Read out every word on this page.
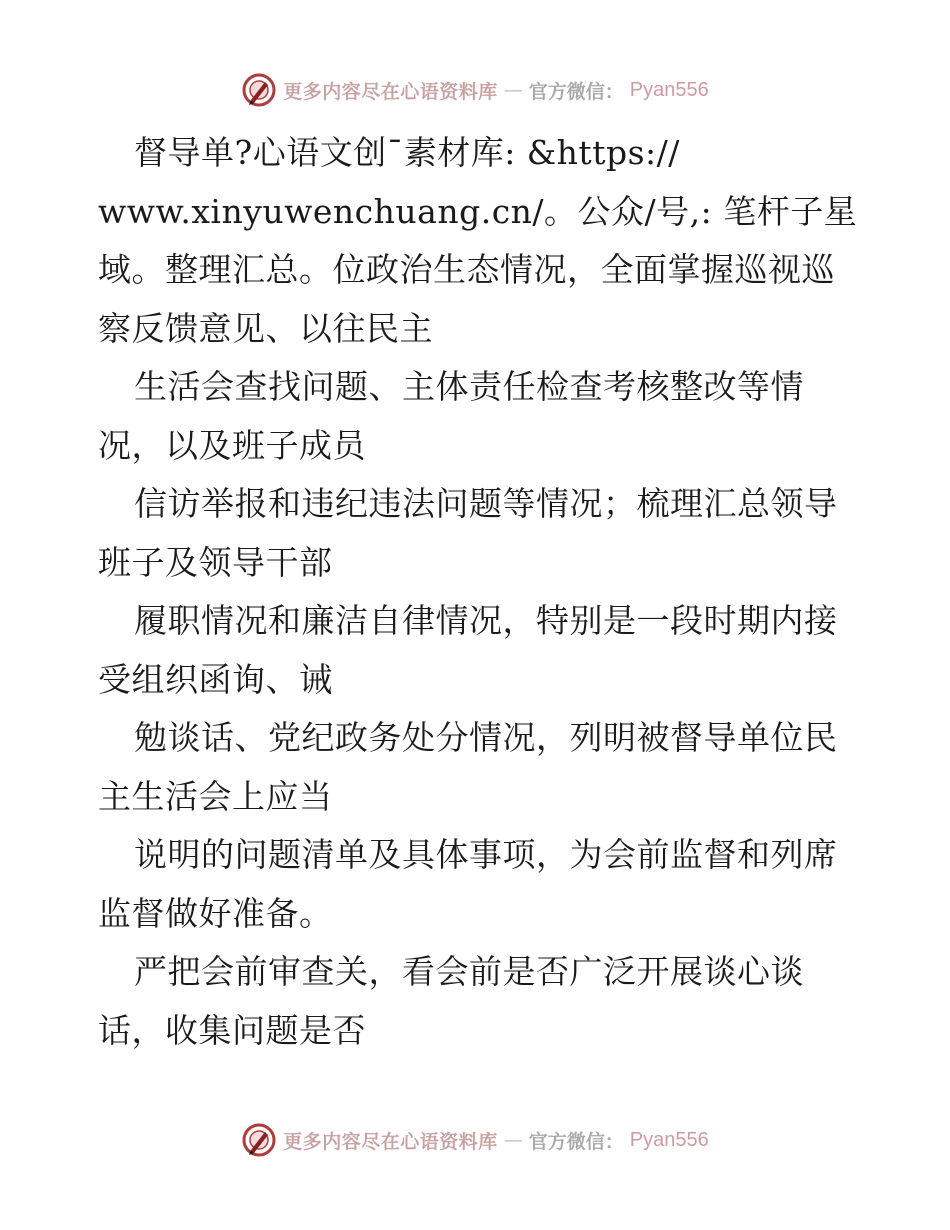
更多内容尽在心语资料库 — 官方微信： Pyan556
督导单?心语文创¯素材库: &https://
www.xinyuwenchuang.cn/。公众/号,: 笔杆子星
域。整理汇总。位政治生态情况，全面掌握巡视巡
察反馈意见、以往民主
生活会查找问题、主体责任检查考核整改等情
况，以及班子成员
信访举报和违纪违法问题等情况；梳理汇总领导
班子及领导干部
履职情况和廉洁自律情况，特别是一段时期内接
受组织函询、诫
勉谈话、党纪政务处分情况，列明被督导单位民
主生活会上应当
说明的问题清单及具体事项，为会前监督和列席
监督做好准备。
严把会前审查关，看会前是否广泛开展谈心谈
话，收集问题是否
更多内容尽在心语资料库 — 官方微信： Pyan556
